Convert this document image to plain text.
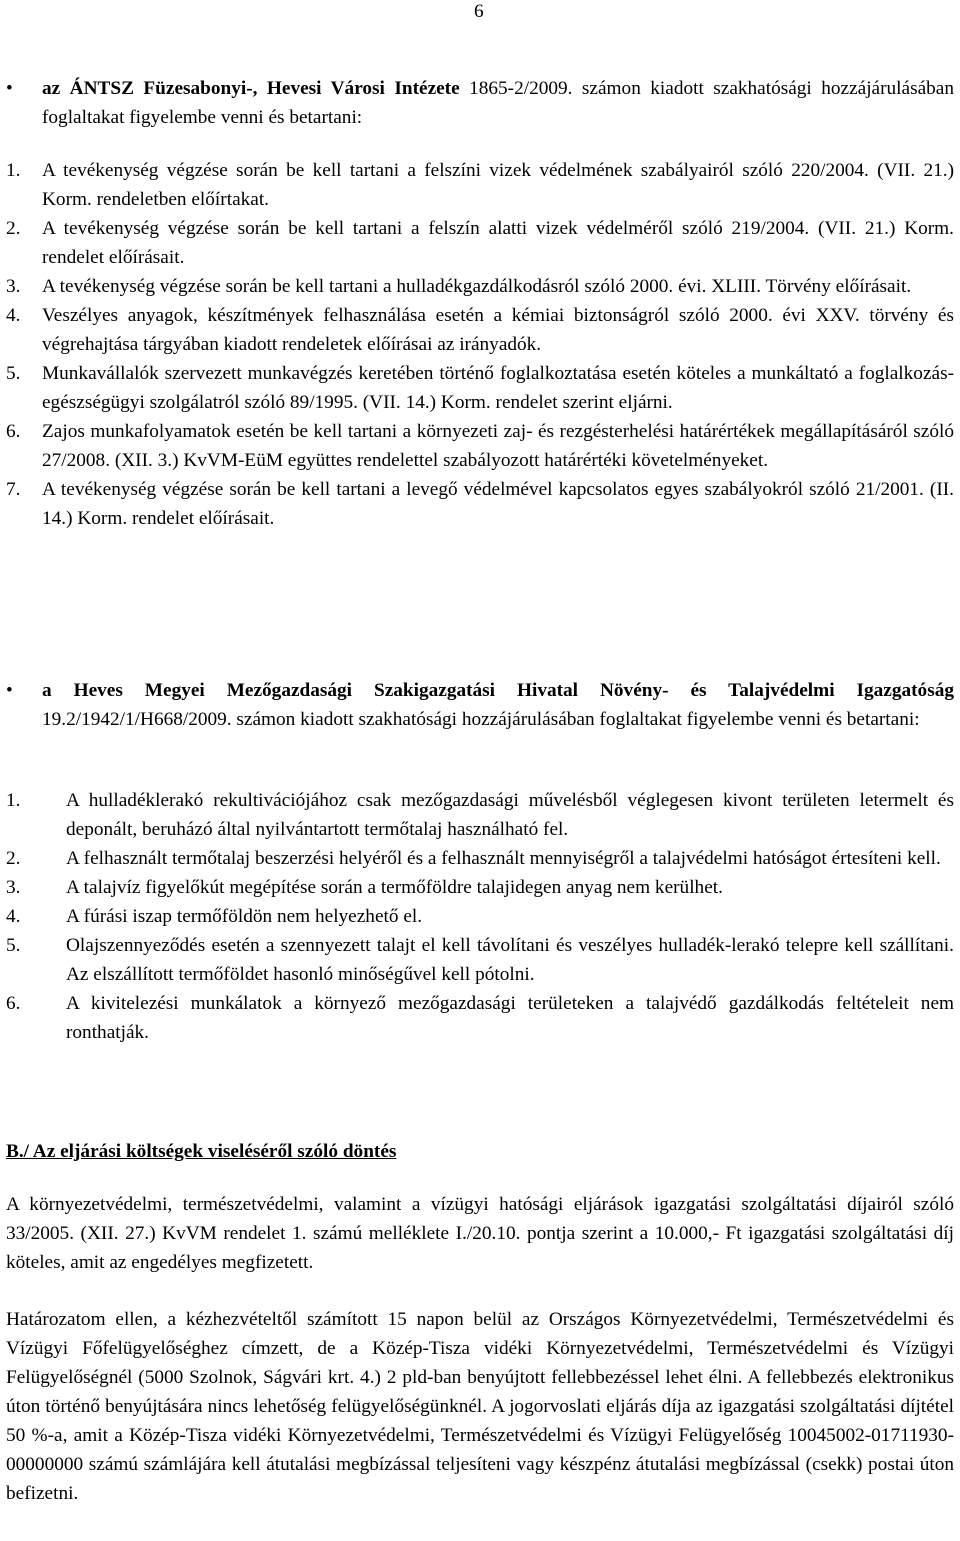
6
• az ÁNTSZ Füzesabonyi-, Hevesi Városi Intézete 1865-2/2009. számon kiadott szakhatósági hozzájárulásában foglaltakat figyelembe venni és betartani:
1. A tevékenység végzése során be kell tartani a felszíni vizek védelmének szabályairól szóló 220/2004. (VII. 21.) Korm. rendeletben előírtakat.
2. A tevékenység végzése során be kell tartani a felszín alatti vizek védelméről szóló 219/2004. (VII. 21.) Korm. rendelet előírásait.
3. A tevékenység végzése során be kell tartani a hulladékgazdálkodásról szóló 2000. évi. XLIII. Törvény előírásait.
4. Veszélyes anyagok, készítmények felhasználása esetén a kémiai biztonságról szóló 2000. évi XXV. törvény és végrehajtása tárgyában kiadott rendeletek előírásai az irányadók.
5. Munkavállalók szervezett munkavégzés keretében történő foglalkoztatása esetén köteles a munkáltató a foglalkozás-egészségügyi szolgálatról szóló 89/1995. (VII. 14.) Korm. rendelet szerint eljárni.
6. Zajos munkafolyamatok esetén be kell tartani a környezeti zaj- és rezgésterhelési határértékek megállapításáról szóló 27/2008. (XII. 3.) KvVM-EüM együttes rendelettel szabályozott határértéki követelményeket.
7. A tevékenység végzése során be kell tartani a levegő védelmével kapcsolatos egyes szabályokról szóló 21/2001. (II. 14.) Korm. rendelet előírásait.
• a Heves Megyei Mezőgazdasági Szakigazgatási Hivatal Növény- és Talajvédelmi Igazgatóság 19.2/1942/1/H668/2009. számon kiadott szakhatósági hozzájárulásában foglaltakat figyelembe venni és betartani:
1. A hulladéklerakó rekultivációjához csak mezőgazdasági művelésből véglegesen kivont területen letermelt és deponált, beruházó által nyilvántartott termőtalaj használható fel.
2. A felhasznált termőtalaj beszerzési helyéről és a felhasznált mennyiségről a talajvédelmi hatóságot értesíteni kell.
3. A talajvíz figyelőkút megépítése során a termőföldre talajidegen anyag nem kerülhet.
4. A fúrási iszap termőföldön nem helyezhető el.
5. Olajszennyeződés esetén a szennyezett talajt el kell távolítani és veszélyes hulladék-lerakó telepre kell szállítani. Az elszállított termőföldet hasonló minőségűvel kell pótolni.
6. A kivitelezési munkálatok a környező mezőgazdasági területeken a talajvédő gazdálkodás feltételeit nem ronthatják.
B./ Az eljárási költségek viseléséről szóló döntés
A környezetvédelmi, természetvédelmi, valamint a vízügyi hatósági eljárások igazgatási szolgáltatási díjairól szóló 33/2005. (XII. 27.) KvVM rendelet 1. számú melléklete I./20.10. pontja szerint a 10.000,- Ft igazgatási szolgáltatási díj köteles, amit az engedélyes megfizetett.
Határozatom ellen, a kézhezvételtől számított 15 napon belül az Országos Környezetvédelmi, Természetvédelmi és Vízügyi Főfelügyelőséghez címzett, de a Közép-Tisza vidéki Környezetvédelmi, Természetvédelmi és Vízügyi Felügyelőségnél (5000 Szolnok, Ságvári krt. 4.) 2 pld-ban benyújtott fellebbezéssel lehet élni. A fellebbezés elektronikus úton történő benyújtására nincs lehetőség felügyelőségünknél. A jogorvoslati eljárás díja az igazgatási szolgáltatási díjtétel 50 %-a, amit a Közép-Tisza vidéki Környezetvédelmi, Természetvédelmi és Vízügyi Felügyelőség 10045002-01711930-00000000 számú számlájára kell átutalási megbízással teljesíteni vagy készpénz átutalási megbízással (csekk) postai úton befizetni.
